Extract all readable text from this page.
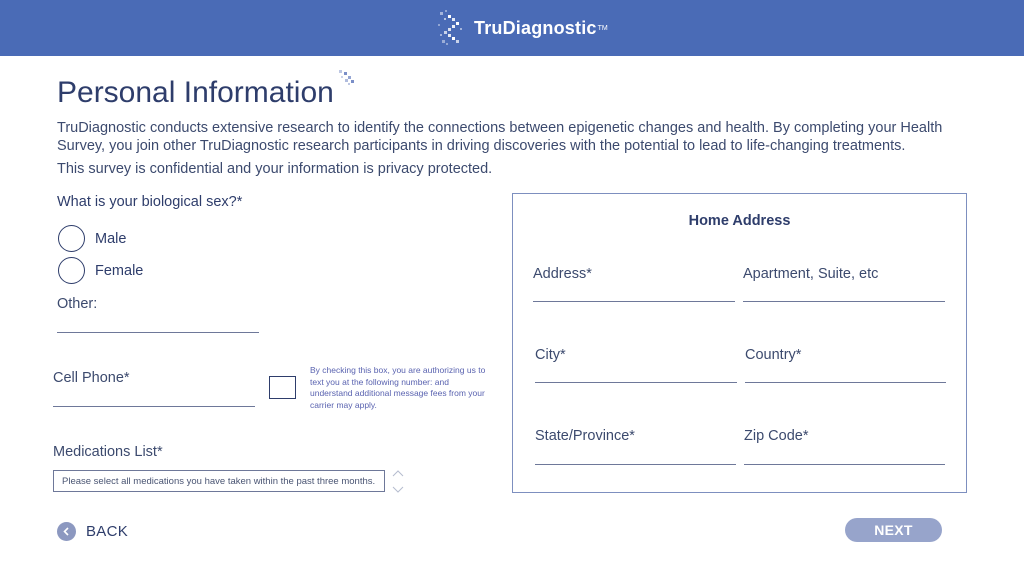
TruDiagnostic TM
Personal Information

TruDiagnostic conducts extensive research to identify the connections between epigenetic changes and health. By completing your Health Survey, you join other TruDiagnostic research participants in driving discoveries with the potential to lead to life-changing treatments.

This survey is confidential and your information is privacy protected.

What is your biological sex?*
Male
Female
Other:
Cell Phone*	By checking this box, you are authorizing us to text you at the following number: and understand additional message fees from your carrier may apply.
Medications List*
Please select all medications you have taken within the past three months.
Home Address
Address*	Apartment, Suite, etc
City*	Country*
State/Province*	Zip Code*
BACK	NEXT
